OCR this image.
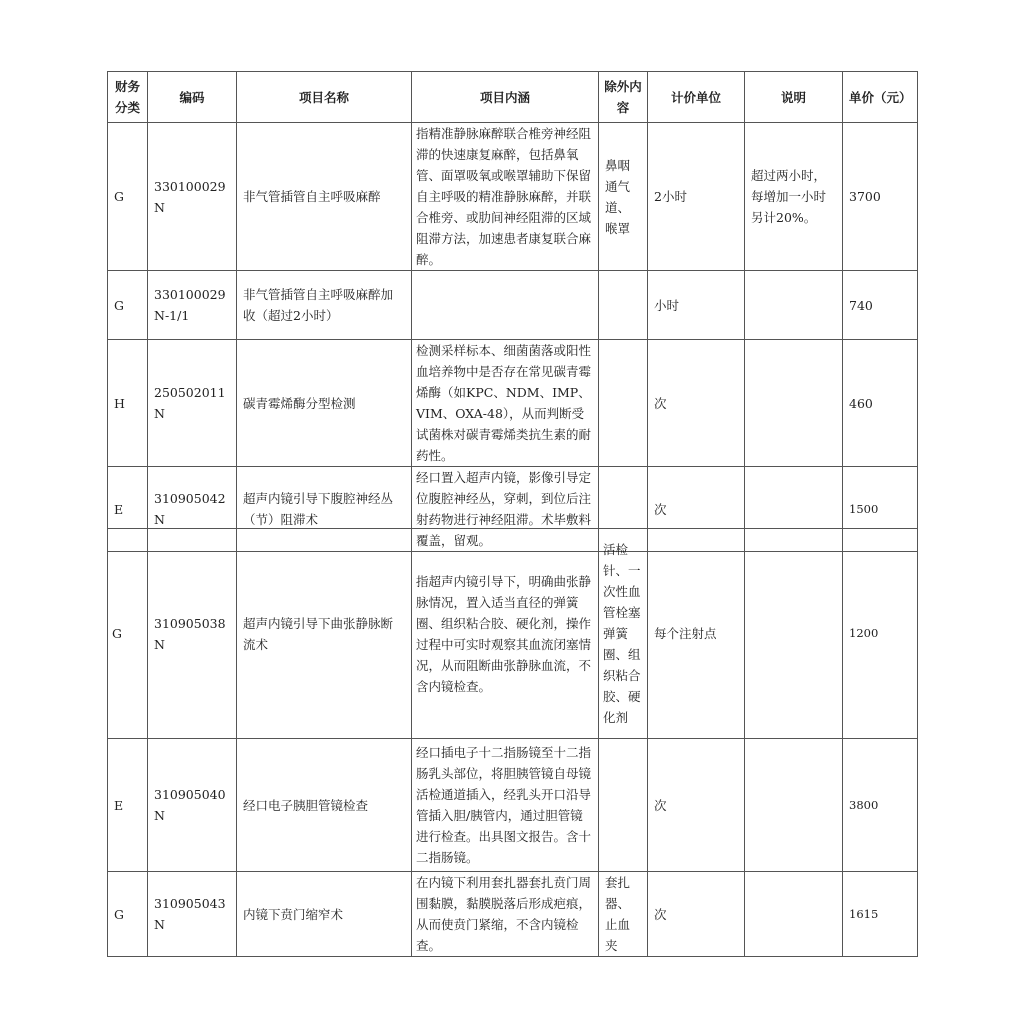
财务分类	编码	项目名称	项目内涵	除外内容	计价单位	说明	单价（元）
G	330100029N	非气管插管自主呼吸麻醉	指精准静脉麻醉联合椎旁神经阻滞的快速康复麻醉，包括鼻氧管、面罩吸氧或喉罩辅助下保留自主呼吸的精准静脉麻醉，并联合椎旁、或肋间神经阻滞的区域阻滞方法，加速患者康复联合麻醉。	鼻咽通气道、喉罩	2小时	超过两小时，每增加一小时另计20%。	3700
G	330100029N-1/1	非气管插管自主呼吸麻醉加收（超过2小时）			小时		740
H	250502011N	碳青霉烯酶分型检测	检测采样标本、细菌菌落或阳性血培养物中是否存在常见碳青霉烯酶（如KPC、NDM、IMP、VIM、OXA-48），从而判断受试菌株对碳青霉烯类抗生素的耐药性。		次		460
E	310905042N	超声内镜引导下腹腔神经丛（节）阻滞术	经口置入超声内镜，影像引导定位腹腔神经丛，穿刺，到位后注射药物进行神经阻滞。术毕敷料覆盖，留观。		次		1500
G	310905038N	超声内镜引导下曲张静脉断流术	指超声内镜引导下，明确曲张静脉情况，置入适当直径的弹簧圈、组织粘合胶、硬化剂，操作过程中可实时观察其血流闭塞情况，从而阻断曲张静脉血流，不含内镜检查。	活检针、一次性血管栓塞弹簧圈、组织粘合胶、硬化剂	每个注射点		1200
E	310905040N	经口电子胰胆管镜检查	经口插电子十二指肠镜至十二指肠乳头部位，将胆胰管镜自母镜活检通道插入，经乳头开口沿导管插入胆/胰管内，通过胆管镜进行检查。出具图文报告。含十二指肠镜。		次		3800
G	310905043N	内镜下贲门缩窄术	在内镜下利用套扎器套扎贲门周围黏膜，黏膜脱落后形成疤痕，从而使贲门紧缩，不含内镜检查。	套扎器、止血夹	次		1615
